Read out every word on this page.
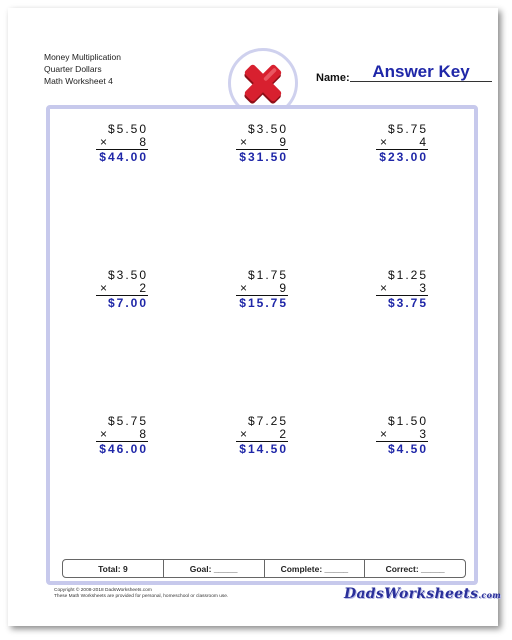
Money Multiplication
Quarter Dollars
Math Worksheet 4	Name:	Answer Key
$5.50
×	8
$44.00
$3.50
×	9
$31.50
$5.75
×	4
$23.00
$3.50
×	2
$7.00
$1.75
×	9
$15.75
$1.25
×	3
$3.75
$5.75
×	8
$46.00
$7.25
×	2
$14.50
$1.50
×	3
$4.50
Total: 9	Goal: _____	Complete: _____	Correct: _____
Copyright © 2008-2018 DadsWorksheets.com
These Math Worksheets are provided for personal, homeschool or classroom use.	DadsWorksheets.com
